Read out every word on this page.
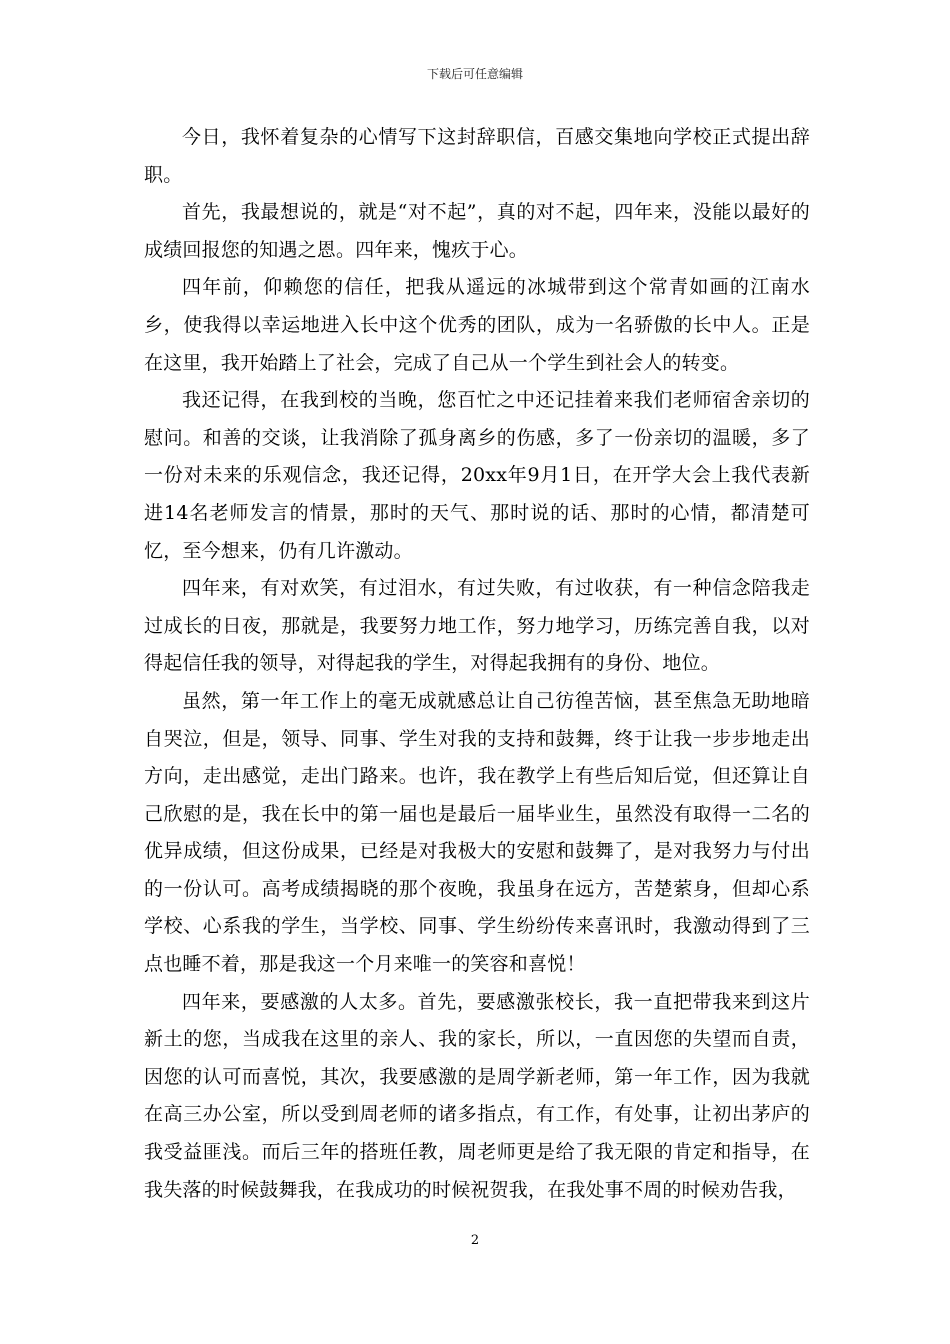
下载后可任意编辑

今日，我怀着复杂的心情写下这封辞职信，百感交集地向学校正式提出辞职。

首先，我最想说的，就是“对不起”，真的对不起，四年来，没能以最好的成绩回报您的知遇之恩。四年来，愧疚于心。

四年前，仰赖您的信任，把我从遥远的冰城带到这个常青如画的江南水乡，使我得以幸运地进入长中这个优秀的团队，成为一名骄傲的长中人。正是在这里，我开始踏上了社会，完成了自己从一个学生到社会人的转变。

我还记得，在我到校的当晚，您百忙之中还记挂着来我们老师宿舍亲切的慰问。和善的交谈，让我消除了孤身离乡的伤感，多了一份亲切的温暖，多了一份对未来的乐观信念，我还记得，20xx年9月1日，在开学大会上我代表新进14名老师发言的情景，那时的天气、那时说的话、那时的心情，都清楚可忆，至今想来，仍有几许激动。

四年来，有对欢笑，有过泪水，有过失败，有过收获，有一种信念陪我走过成长的日夜，那就是，我要努力地工作，努力地学习，历练完善自我，以对得起信任我的领导，对得起我的学生，对得起我拥有的身份、地位。

虽然，第一年工作上的毫无成就感总让自己彷徨苦恼，甚至焦急无助地暗自哭泣，但是，领导、同事、学生对我的支持和鼓舞，终于让我一步步地走出方向，走出感觉，走出门路来。也许，我在教学上有些后知后觉，但还算让自己欣慰的是，我在长中的第一届也是最后一届毕业生，虽然没有取得一二名的优异成绩，但这份成果，已经是对我极大的安慰和鼓舞了，是对我努力与付出的一份认可。高考成绩揭晓的那个夜晚，我虽身在远方，苦楚萦身，但却心系学校、心系我的学生，当学校、同事、学生纷纷传来喜讯时，我激动得到了三点也睡不着，那是我这一个月来唯一的笑容和喜悦！

四年来，要感激的人太多。首先，要感激张校长，我一直把带我来到这片新土的您，当成我在这里的亲人、我的家长，所以，一直因您的失望而自责，因您的认可而喜悦，其次，我要感激的是周学新老师，第一年工作，因为我就在高三办公室，所以受到周老师的诸多指点，有工作，有处事，让初出茅庐的我受益匪浅。而后三年的搭班任教，周老师更是给了我无限的肯定和指导，在我失落的时候鼓舞我，在我成功的时候祝贺我，在我处事不周的时候劝告我，

2
